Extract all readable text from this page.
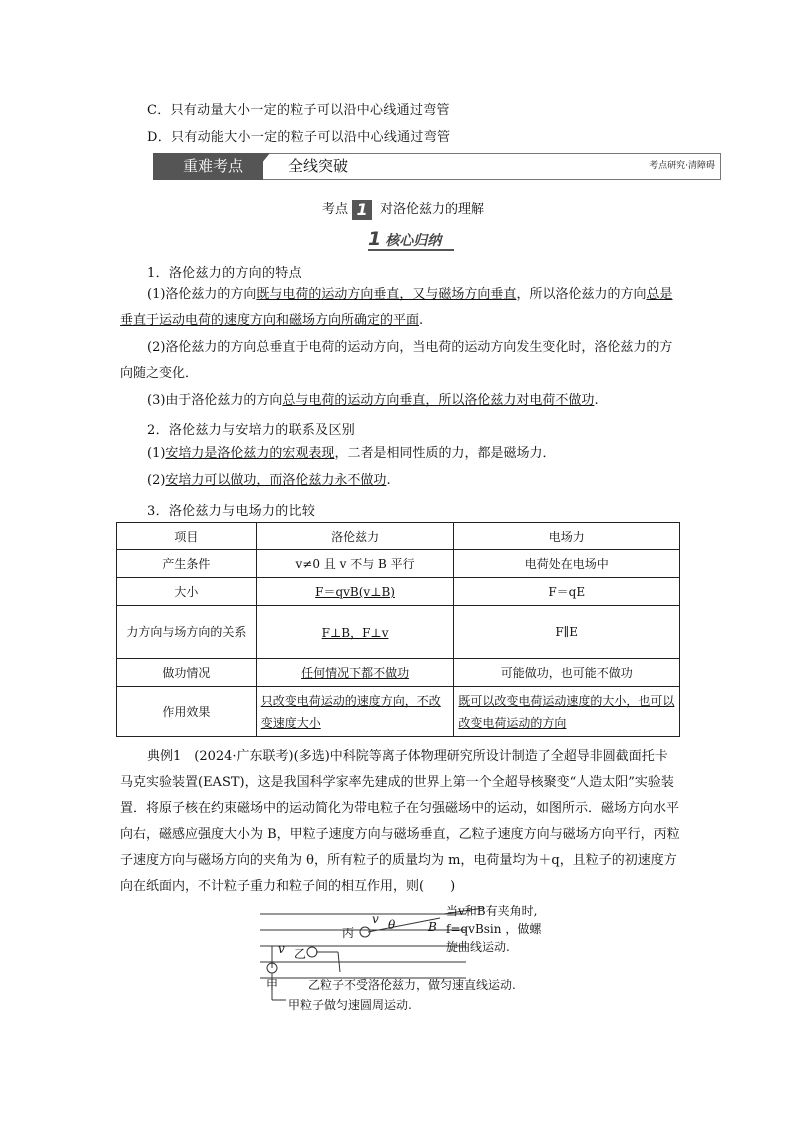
C．只有动量大小一定的粒子可以沿中心线通过弯管
D．只有动能大小一定的粒子可以沿中心线通过弯管
重难考点	全线突破	考点研究·清障碍
考点 1 对洛伦兹力的理解
1 核心归纳
1．洛伦兹力的方向的特点
(1)洛伦兹力的方向既与电荷的运动方向垂直，又与磁场方向垂直，所以洛伦兹力的方向总是垂直于运动电荷的速度方向和磁场方向所确定的平面.
(2)洛伦兹力的方向总垂直于电荷的运动方向，当电荷的运动方向发生变化时，洛伦兹力的方向随之变化．
(3)由于洛伦兹力的方向总与电荷的运动方向垂直，所以洛伦兹力对电荷不做功.
2．洛伦兹力与安培力的联系及区别
(1)安培力是洛伦兹力的宏观表现，二者是相同性质的力，都是磁场力．
(2)安培力可以做功，而洛伦兹力永不做功.
3．洛伦兹力与电场力的比较
项目	洛伦兹力	电场力
产生条件	v≠0 且 v 不与 B 平行	电荷处在电场中
大小	F＝qvB(v⊥B)	F＝qE
力方向与场方向的关系	F⊥B，F⊥v	F∥E
做功情况	任何情况下都不做功	可能做功，也可能不做功
作用效果	只改变电荷运动的速度方向，不改变速度大小	既可以改变电荷运动速度的大小，也可以改变电荷运动的方向
典例1　(2024·广东联考)(多选)中科院等离子体物理研究所设计制造了全超导非圆截面托卡马克实验装置(EAST)，这是我国科学家率先建成的世界上第一个全超导核聚变“人造太阳”实验装置．将原子核在约束磁场中的运动简化为带电粒子在匀强磁场中的运动，如图所示．磁场方向水平向右，磁感应强度大小为 B，甲粒子速度方向与磁场垂直，乙粒子速度方向与磁场方向平行，丙粒子速度方向与磁场方向的夹角为 θ，所有粒子的质量均为 m，电荷量均为＋q，且粒子的初速度方向在纸面内，不计粒子重力和粒子间的相互作用，则(　　)
丙
乙
甲
v
v
θ	B
当v和B有夹角时,
f=qvBsin ，做螺
旋曲线运动.
乙粒子不受洛伦兹力，做匀速直线运动.
甲粒子做匀速圆周运动.
